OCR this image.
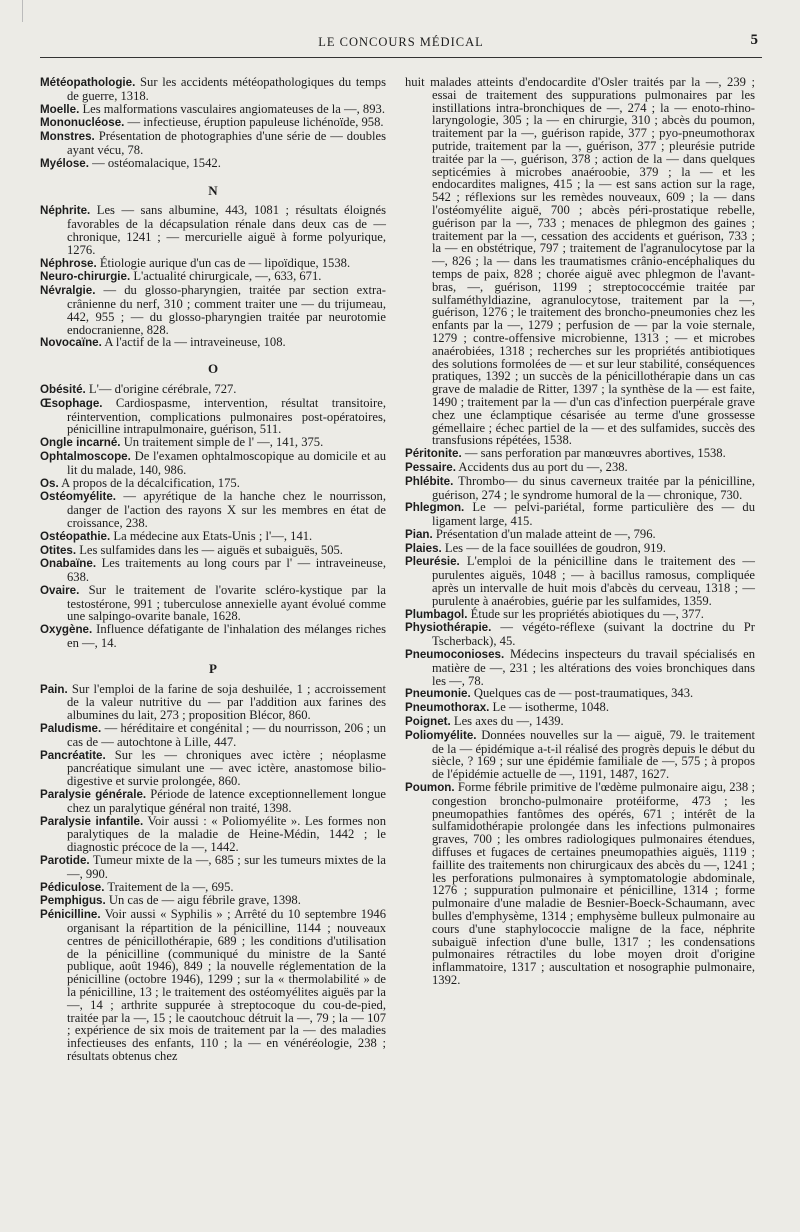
LE CONCOURS MÉDICAL	5
Météopathologie. Sur les accidents météopathologiques du temps de guerre, 1318.
Moelle. Les malformations vasculaires angiomateuses de la —, 893.
Mononucléose. — infectieuse, éruption papuleuse lichénoïde, 958.
Monstres. Présentation de photographies d'une série de — doubles ayant vécu, 78.
Myélose. — ostéomalacique, 1542.
N
Néphrite. Les — sans albumine, 443, 1081 ; résultats éloignés favorables de la décapsulation rénale dans deux cas de — chronique, 1241 ; — mercurielle aiguë à forme polyurique, 1276.
Néphrose. Étiologie aurique d'un cas de — lipoïdique, 1538.
Neuro-chirurgie. L'actualité chirurgicale, —, 633, 671.
Névralgie. — du glosso-pharyngien, traitée par section extra-crânienne du nerf, 310 ; comment traiter une — du trijumeau, 442, 955 ; — du glosso-pharyngien traitée par neurotomie endocranienne, 828.
Novocaïne. A l'actif de la — intraveineuse, 108.
O
Obésité. L'— d'origine cérébrale, 727.
Œsophage. Cardiospasme, intervention, résultat transitoire, réintervention, complications pulmonaires post-opératoires, pénicilline intrapulmonaire, guérison, 511.
Ongle incarné. Un traitement simple de l' —, 141, 375.
Ophtalmoscope. De l'examen ophtalmoscopique au domicile et au lit du malade, 140, 986.
Os. A propos de la décalcification, 175.
Ostéomyélite. — apyrétique de la hanche chez le nourrisson, danger de l'action des rayons X sur les membres en état de croissance, 238.
Ostéopathie. La médecine aux Etats-Unis ; l'—, 141.
Otites. Les sulfamides dans les — aiguës et subaiguës, 505.
Onabaïne. Les traitements au long cours par l' — intraveineuse, 638.
Ovaire. Sur le traitement de l'ovarite scléro-kystique par la testostérone, 991 ; tuberculose annexielle ayant évolué comme une salpingo-ovarite banale, 1628.
Oxygène. Influence défatigante de l'inhalation des mélanges riches en —, 14.
P
Pain. Sur l'emploi de la farine de soja deshuilée, 1 ; accroissement de la valeur nutritive du — par l'addition aux farines des albumines du lait, 273 ; proposition Blécor, 860.
Paludisme. — héréditaire et congénital ; — du nourrisson, 206 ; un cas de — autochtone à Lille, 447.
Pancréatite. Sur les — chroniques avec ictère ; néoplasme pancréatique simulant une — avec ictère, anastomose bilio-digestive et survie prolongée, 860.
Paralysie générale. Période de latence exceptionnellement longue chez un paralytique général non traité, 1398.
Paralysie infantile. Voir aussi : « Poliomyélite ». Les formes non paralytiques de la maladie de Heine-Médin, 1442 ; le diagnostic précoce de la —, 1442.
Parotide. Tumeur mixte de la —, 685 ; sur les tumeurs mixtes de la —, 990.
Pédiculose. Traitement de la —, 695.
Pemphigus. Un cas de — aigu fébrile grave, 1398.
Pénicilline. Voir aussi « Syphilis » ; Arrêté du 10 septembre 1946 organisant la répartition de la pénicilline, 1144 ; nouveaux centres de pénicillothérapie, 689 ; les conditions d'utilisation de la pénicilline (communiqué du ministre de la Santé publique, août 1946), 849 ; la nouvelle réglementation de la pénicilline (octobre 1946), 1299 ; sur la « thermolabilité » de la pénicilline, 13 ; le traitement des ostéomyélites aiguës par la —, 14 ; arthrite suppurée à streptocoque du cou-de-pied, traitée par la —, 15 ; le caoutchouc détruit la —, 79 ; la — 107 ; expérience de six mois de traitement par la — des maladies infectieuses des enfants, 110 ; la — en vénéréologie, 238 ; résultats obtenus chez
huit malades atteints d'endocardite d'Osler traités par la —, 239 ; essai de traitement des suppurations pulmonaires par les instillations intra-bronchiques de —, 274 ; la — enoto-rhino-laryngologie, 305 ; la — en chirurgie, 310 ; abcès du poumon, traitement par la —, guérison rapide, 377 ; pyo-pneumothorax putride, traitement par la —, guérison, 377 ; pleurésie putride traitée par la —, guérison, 378 ; action de la — dans quelques septicémies à microbes anaéroobie, 379 ; la — et les endocardites malignes, 415 ; la — est sans action sur la rage, 542 ; réflexions sur les remèdes nouveaux, 609 ; la — dans l'ostéomyélite aiguë, 700 ; abcès péri-prostatique rebelle, guérison par la —, 733 ; menaces de phlegmon des gaines ; traitement par la —, cessation des accidents et guérison, 733 ; la — en obstétrique, 797 ; traitement de l'agranulocytose par la —, 826 ; la — dans les traumatismes crânio-encéphaliques du temps de paix, 828 ; chorée aiguë avec phlegmon de l'avant-bras, —, guérison, 1199 ; streptococcémie traitée par sulfaméthyldiazine, agranulocytose, traitement par la —, guérison, 1276 ; le traitement des broncho-pneumonies chez les enfants par la —, 1279 ; perfusion de — par la voie sternale, 1279 ; contre-offensive microbienne, 1313 ; — et microbes anaérobiées, 1318 ; recherches sur les propriétés antibiotiques des solutions formolées de — et sur leur stabilité, conséquences pratiques, 1392 ; un succès de la pénicillothérapie dans un cas grave de maladie de Ritter, 1397 ; la synthèse de la — est faite, 1490 ; traitement par la — d'un cas d'infection puerpérale grave chez une éclamptique césarisée au terme d'une grossesse gémellaire ; échec partiel de la — et des sulfamides, succès des transfusions répétées, 1538.
Péritonite. — sans perforation par manœuvres abortives, 1538.
Pessaire. Accidents dus au port du —, 238.
Phlébite. Thrombo— du sinus caverneux traitée par la pénicilline, guérison, 274 ; le syndrome humoral de la — chronique, 730.
Phlegmon. Le — pelvi-pariétal, forme particulière des — du ligament large, 415.
Pian. Présentation d'un malade atteint de —, 796.
Plaies. Les — de la face souillées de goudron, 919.
Pleurésie. L'emploi de la pénicilline dans le traitement des — purulentes aiguës, 1048 ; — à bacillus ramosus, compliquée après un intervalle de huit mois d'abcès du cerveau, 1318 ; — purulente à anaérobies, guérie par les sulfamides, 1359.
Plumbagol. Étude sur les propriétés abiotiques du —, 377.
Physiothérapie. — végéto-réflexe (suivant la doctrine du Pr Tscherback), 45.
Pneumoconioses. Médecins inspecteurs du travail spécialisés en matière de —, 231 ; les altérations des voies bronchiques dans les —, 78.
Pneumonie. Quelques cas de — post-traumatiques, 343.
Pneumothorax. Le — isotherme, 1048.
Poignet. Les axes du —, 1439.
Poliomyélite. Données nouvelles sur la — aiguë, 79. le traitement de la — épidémique a-t-il réalisé des progrès depuis le début du siècle, ? 169 ; sur une épidémie familiale de —, 575 ; à propos de l'épidémie actuelle de —, 1191, 1487, 1627.
Poumon. Forme fébrile primitive de l'œdème pulmonaire aigu, 238 ; congestion broncho-pulmonaire protéiforme, 473 ; les pneumopathies fantômes des opérés, 671 ; intérêt de la sulfamidothérapie prolongée dans les infections pulmonaires graves, 700 ; les ombres radiologiques pulmonaires étendues, diffuses et fugaces de certaines pneumopathies aiguës, 1119 ; faillite des traitements non chirurgicaux des abcès du —, 1241 ; les perforations pulmonaires à symptomatologie abdominale, 1276 ; suppuration pulmonaire et pénicilline, 1314 ; forme pulmonaire d'une maladie de Besnier-Boeck-Schaumann, avec bulles d'emphysème, 1314 ; emphysème bulleux pulmonaire au cours d'une staphylococcie maligne de la face, néphrite subaiguë infection d'une bulle, 1317 ; les condensations pulmonaires rétractiles du lobe moyen droit d'origine inflammatoire, 1317 ; auscultation et nosographie pulmonaire, 1392.
